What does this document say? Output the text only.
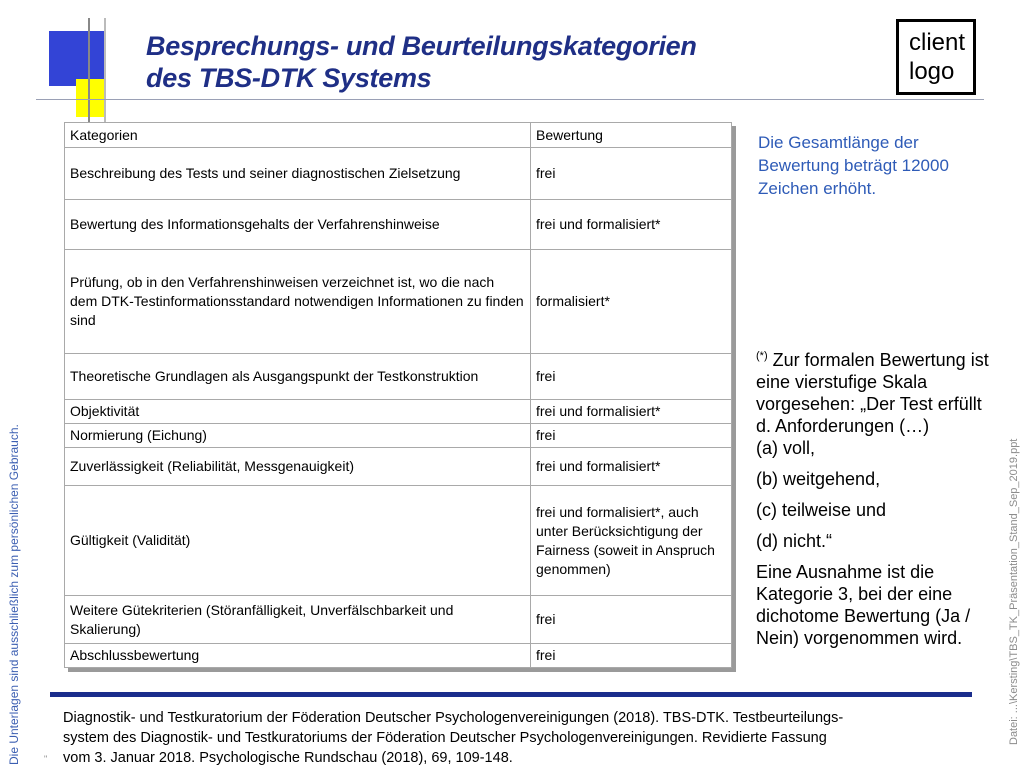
Besprechungs- und Beurteilungskategorien
des TBS-DTK Systems
client
logo
Kategorien	Bewertung
Beschreibung des Tests und seiner diagnostischen Zielsetzung	frei
Bewertung des Informationsgehalts der Verfahrenshinweise	frei und formalisiert*
Prüfung, ob in den Verfahrenshinweisen verzeichnet ist, wo die nach dem DTK-Testinformationsstandard notwendigen Informationen zu finden sind	formalisiert*
Theoretische Grundlagen als Ausgangspunkt der Testkonstruktion	frei
Objektivität	frei und formalisiert*
Normierung (Eichung)	frei
Zuverlässigkeit (Reliabilität, Messgenauigkeit)	frei und formalisiert*
Gültigkeit (Validität)	frei und formalisiert*, auch unter Berücksichtigung der Fairness (soweit in Anspruch genommen)
Weitere Gütekriterien (Störanfälligkeit, Unverfälschbarkeit und Skalierung)	frei
Abschlussbewertung	frei
Die Gesamtlänge der Bewertung beträgt 12000 Zeichen erhöht.

(*) Zur formalen Bewertung ist eine vierstufige Skala vorgesehen: „Der Test erfüllt d. Anforderungen (…)

(a) voll,

(b) weitgehend,

(c) teilweise und

(d) nicht.“

Eine Ausnahme ist die Kategorie 3, bei der eine dichotome Bewertung (Ja / Nein) vorgenommen wird.

Die Unterlagen sind ausschließlich zum persönlichen Gebrauch.	Datei: ...\Kersting\TBS_TK_Präsentation_Stand_Sep_2019.ppt
"
Diagnostik- und Testkuratorium der Föderation Deutscher Psychologenvereinigungen (2018). TBS-DTK. Testbeurteilungs-
system des Diagnostik- und Testkuratoriums der Föderation Deutscher Psychologenvereinigungen. Revidierte Fassung
vom 3. Januar 2018. Psychologische Rundschau (2018), 69, 109-148.
